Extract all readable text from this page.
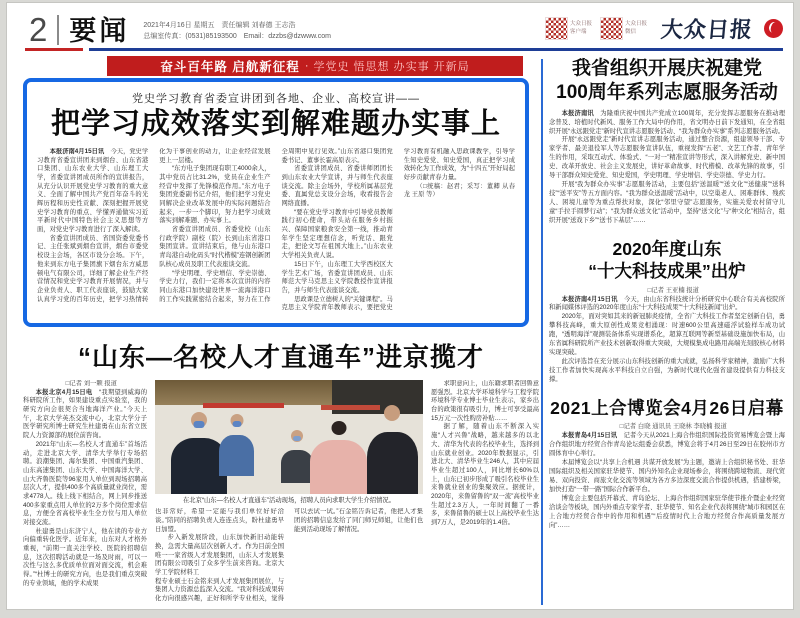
2 要闻 2021年4月16日 星期五　责任编辑 刘春德 王志浩
总编室传真：(0531)85193500　Email：dzzbs@dzwww.com
大众日报
客户端
大众日报
微信	大众日报
奋斗百年路 启航新征程 · 学党史 悟思想 办实事 开新局
党史学习教育省委宣讲团到各地、企业、高校宣讲——
把学习成效落实到解难题办实事上

本报济南4月15日讯　今天，党史学习教育省委宣讲团来到烟台、山东省港口集团、山东农业大学、山东理工大学，省委宣讲团成员所作的宣讲报告，从充分认识开展党史学习教育的重大意义、全面了解中国共产党百年奋斗的光辉历程和历史性贡献、深刻把握开展党史学习教育的重点、学懂弄通做实习近平新时代中国特色社会主义思想等方面，对党史学习教育进行了深入解读。

省委宣讲团成员、省国资委党委书记、主任张斌到烟台宣讲，烟台市委党校设主会场，各区市设分会场。下午，他来到东方电子集团旗下烟台东方威思顿电气有限公司，详细了解企业生产经营情况和党史学习教育开展情况，并与企业负责人、职工代表座谈，鼓励大家认真学习党的百年历史，把学习热情转化为干事创业的动力，让企业经营发展更上一层楼。

“东方电子集团现有职工4000余人，其中党员占比31.2%，党员在企业生产经营中发挥了先锋模范作用。”东方电子集团党委副书记介绍，他们把学习党史同解决企业改革发展中的实际问题结合起来，一步一个脚印，努力把学习成效落实到解难题、办实事上。

省委宣讲团成员、省委党校（山东行政学院）副校（院）长到山东省港口集团宣讲。宣讲结束后，他与山东港口青岛港自动化码头“时代楷模”连钢创新团队核心成员及职工代表座谈交流。

“学史明理、学史增信、学史崇德、学史力行，我们一定将本次宣讲的内容同山东港口加快建设世界一流海洋港口的工作实践紧密结合起来，努力在工作全周期中见行见效。”山东省港口集团党委书记、董事长霍高原表示。

省委宣讲团成员、省委讲师团团长到山东农业大学宣讲，并与师生代表座谈交流。除主会场外，学校所属基层党委、直属党总支设分会场，收看报告会网络直播。

“要在党史学习教育中引导党员教师践行初心使命，带头站在服务乡村振兴、保障国家粮食安全第一线，推动青年学生坚定理想信念，听党话、跟党走，把论文写在祖国大地上。”山东农业大学相关负责人说。

15日下午，山东理工大学西校区大学生艺术广场，省委宣讲团成员、山东师范大学马克思主义学院教授作宣讲报告，并与师生代表座谈交流。

思政课是立德树人的“关键课程”。马克思主义学院青年教师表示，要把党史学习教育有机融入思政课教学，引导学生知史爱党、知史爱国，真正把学习成效转化为工作成效，为“十四五”开好局起好步贡献青春力量。

（□统稿：赵君；采写：董卿 从春龙 王原 等）

“山东—名校人才直通车”进京揽才

□记者 刘一颗 报道

本报北京4月15日电　“我期望到威海的科研院所工作，如果建设重点实验室，我的研究方向会很契合当地海洋产业。”今天上午，北京大学英杰交流中心，北京大学分子医学研究所博士研究生杜建勇在山东省立医院人力资源部的展位前咨询。

2021年“山东—名校人才直通车”首场活动，走进北京大学、清华大学举行专场招聘。浪潮集团、海尔集团、中国重汽集团、山东高速集团、山东大学、中国海洋大学、山大齐鲁医院等96家用人单位到现场招聘高层次人才，提供400多个高质量就业岗位，需求4778人。线上线下相结合，网上同步推送400多家重点用人单位的2万多个岗位需求信息，方便全省高校毕业生全方位与用人单位对接交流。

杜建勇是山东济宁人，他在读的专业方向偏重转化医学。近年来，山东对人才格外重视，“前期一直关注学校、医院的招聘信息，这次招聘活动就是一场及时雨，可以一次性与这么多优质单位面对面交流，机会难得。”“杜博士的研究方向，也是我们重点突破的专业领域，他的学术成果

在北京“山东—名校人才直通车”活动现场，招聘人员向求职大学生介绍情况。

也非常好，希望一定能与我们单位好好洽谈。”陪同的招聘负责人连连点头，盼杜建勇早日加盟。

步入新发展阶段，山东加快新旧动能转换，急需大量高层次创新人才。作为目前全国唯一一家省级人才发展集团，山东人才发展集团有限公司吸引了众多学生前来咨询。北京大学工学院材料工

程专业硕士石金铭来到人才发展集团展位，与集团人力资源总监深入交流。“我对科技成果转化方向很感兴趣，正好和所学专业相关，觉得可以去试一试。”石金铭告诉记者，他把人才集团的招聘信息发给了同门师兄师姐，让他们也能到活动现场了解情况。

求职意向上，山东籍求职者回鲁意愿强烈。北京大学环境科学与工程学院环境科学专业博士毕业生表示，家乡出台的政策很有吸引力，博士可享受最高15万元一次性购房补贴……

据了解，随着山东不断深入实施“人才兴鲁”战略，越来越多的以北大、清华为代表的名校毕业生，选择到山东就业创业。2020年数据显示，引进北大、清华毕业生246人，其中应届毕业生超过100人，同比增长60%以上，山东已初步形成了吸引名校毕业生来鲁就业创业的集聚效应。据统计，2020年，来鲁留鲁的“双一流”高校毕业生超过2.3万人，一年时间翻了一番多，来鲁留鲁的硕士以上高校毕业生达到7万人，是2019年的1.4倍。

我省组织开展庆祝建党
100周年系列志愿服务活动

本报济南讯　为隆重庆祝中国共产党成立100周年，充分发挥志愿服务在推动理念普及、培植时代新风、服务工作大局中的作用，省文明办日前下发通知，在全省组织开展“永远跟党走”新时代宣讲志愿服务活动、“我为群众办实事”系列志愿服务活动。

开展“永远跟党走”新时代宣讲志愿服务活动，通过整合资源，组建领导干部、专家学者、最美退役军人等志愿服务宣讲队伍，重视发挥“五老”、文艺工作者、青年学生的作用，采取互动式、体验式、“一对一”精准宣讲等形式，深入讲解党史、新中国史、改革开放史、社会主义发展史，讲好革命故事、时代楷模、改革先锋的故事，引导干部群众知史爱党、知史爱国，学史明理、学史增信、学史崇德、学史力行。

开展“我为群众办实事”志愿服务活动，主要包括“送温暖”“送文化”“送健康”“送科技”“送平安”等五方面内容。“我为群众送温暖”活动中，以空巢老人、困难群体、残疾人、困境儿童等为重点帮扶对象，深化“邻里守望”志愿服务，实施关爱农村留守儿童“手拉手圆梦行动”；“我为群众送文化”活动中，坚持“送文化”与“种文化”相结合，组织开展“送戏下乡”“送书下基层”……

2020年度山东
“十大科技成果”出炉

□记者 王亚楠 报道

本报济南4月15日讯　今天，由山东省科技统计分析研究中心联合有关高校院所和新闻媒体评选的2020年度山东“十大科技成果”“十大科技新闻”出炉。

2020年，面对突如其来的新冠肺炎疫情，全省广大科技工作者坚定创新自信，勇攀科技高峰，重大原创性成果竞相涌现：时速600公里高速磁浮试验样车成功试跑，“透明海洋”观测装备体系实现谱系化，超算互联网等新型基础设施加快布局，山东省属科研院所产业技术创新取得重大突破，大规模集成电路用高端光刻胶核心材料实现突破。

此次评选旨在充分展示山东科技创新的重大成就，弘扬科学家精神，激励广大科技工作者加快实现高水平科技自立自强，为新时代现代化强省建设提供有力科技支撑。

2021上合博览会4月26日启幕

□记者 白晓 通讯员 王晓林 李晓楠 报道

本报青岛4月15日讯　记者今天从2021上海合作组织国际投资贸易博览会暨上海合作组织地方经贸合作青岛论坛组委会获悉，博览会将于4月26日至29日在胶州市方圆体育中心举行。

本届博览会以“共享上合机遇 共谋开放发展”为主题，邀请上合组织秘书处、驻华国际组织及相关国家驻华使节、国内外知名企业现场参会，将围绕跨境物流、现代贸易、双向投资、商旅文化交流等领域为各方多边深度交流合作提供机遇，搭建桥梁，加快打造“一带一路”国际合作新平台。

博览会主要包括开幕式、青岛论坛、上海合作组织国家驻华使节推介暨企业经贸洽谈会等板块，国内外重点专家学者、驻华使节、知名企业代表将围绕“城市和园区在上合地方经贸合作中的作用和机遇”“后疫情时代上合地方经贸合作高质量发展方向”……
